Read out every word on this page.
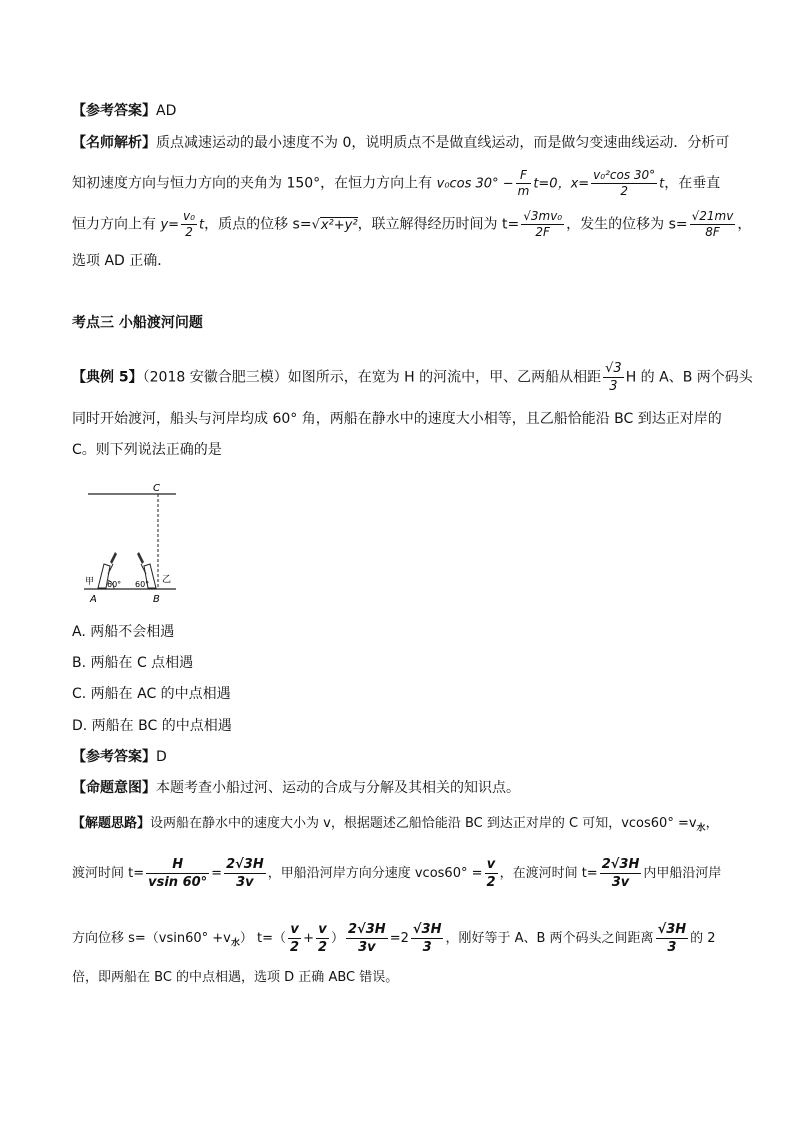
【参考答案】AD
【名师解析】质点减速运动的最小速度不为 0，说明质点不是做直线运动，而是做匀变速曲线运动．分析可
知初速度方向与恒力方向的夹角为 150°，在恒力方向上有 v₀cos $30^\circ - \frac{F}{m} t=0$，$x= \frac{\text{v₀²cos 30°}}{2}$ t，在垂直
恒力方向上有 $y= \frac{\text{v₀}}{2}$ t，质点的位移 s=√x²+y²，联立解得经历时间为 $t= \frac{\text{√3mv₀}}{2F}$ ，发生的位移为 $s= \frac{√21mv}{8F}$ ，
选项 AD 正确．
考点三 小船渡河问题
【典例 5】（2018 安徽合肥三模）如图所示，在宽为 H 的河流中，甲、乙两船从相距 $\frac{√3}{3}$ H 的 A、B 两个码头
同时开始渡河，船头与河岸均成 60° 角，两船在静水中的速度大小相等，且乙船恰能沿 BC 到达正对岸的
C。则下列说法正确的是
C
甲 60° 60° 乙
A	B
A. 两船不会相遇
B. 两船在 C 点相遇
C. 两船在 AC 的中点相遇
D. 两船在 BC 的中点相遇
【参考答案】D
【命题意图】本题考查小船过河、运动的合成与分解及其相关的知识点。
【解题思路】设两船在静水中的速度大小为 v，根据题述乙船恰能沿 BC 到达正对岸的 C 可知，$vcos60^\circ =v_水$，
渡河时间 $t= \frac{H}{vsin 60^\circ} = \frac{2√3H}{3v}$ ，甲船沿河岸方向分速度 $vcos60^\circ = \frac{v}{2}$ ，在渡河时间 $t= \frac{2√3H}{3v}$ 内甲船沿河岸
方向位移 $s=(vsin60^\circ +v_水)$ $t=( \frac{v}{2} + \frac{v}{2}$ ） $\frac{2√3H}{3v} =2 \frac{√3H}{3}$ ，刚好等于 A、B 两个码头之间距离 $\frac{√3H}{3}$ 的 2
倍，即两船在 BC 的中点相遇，选项 D 正确 ABC 错误。
